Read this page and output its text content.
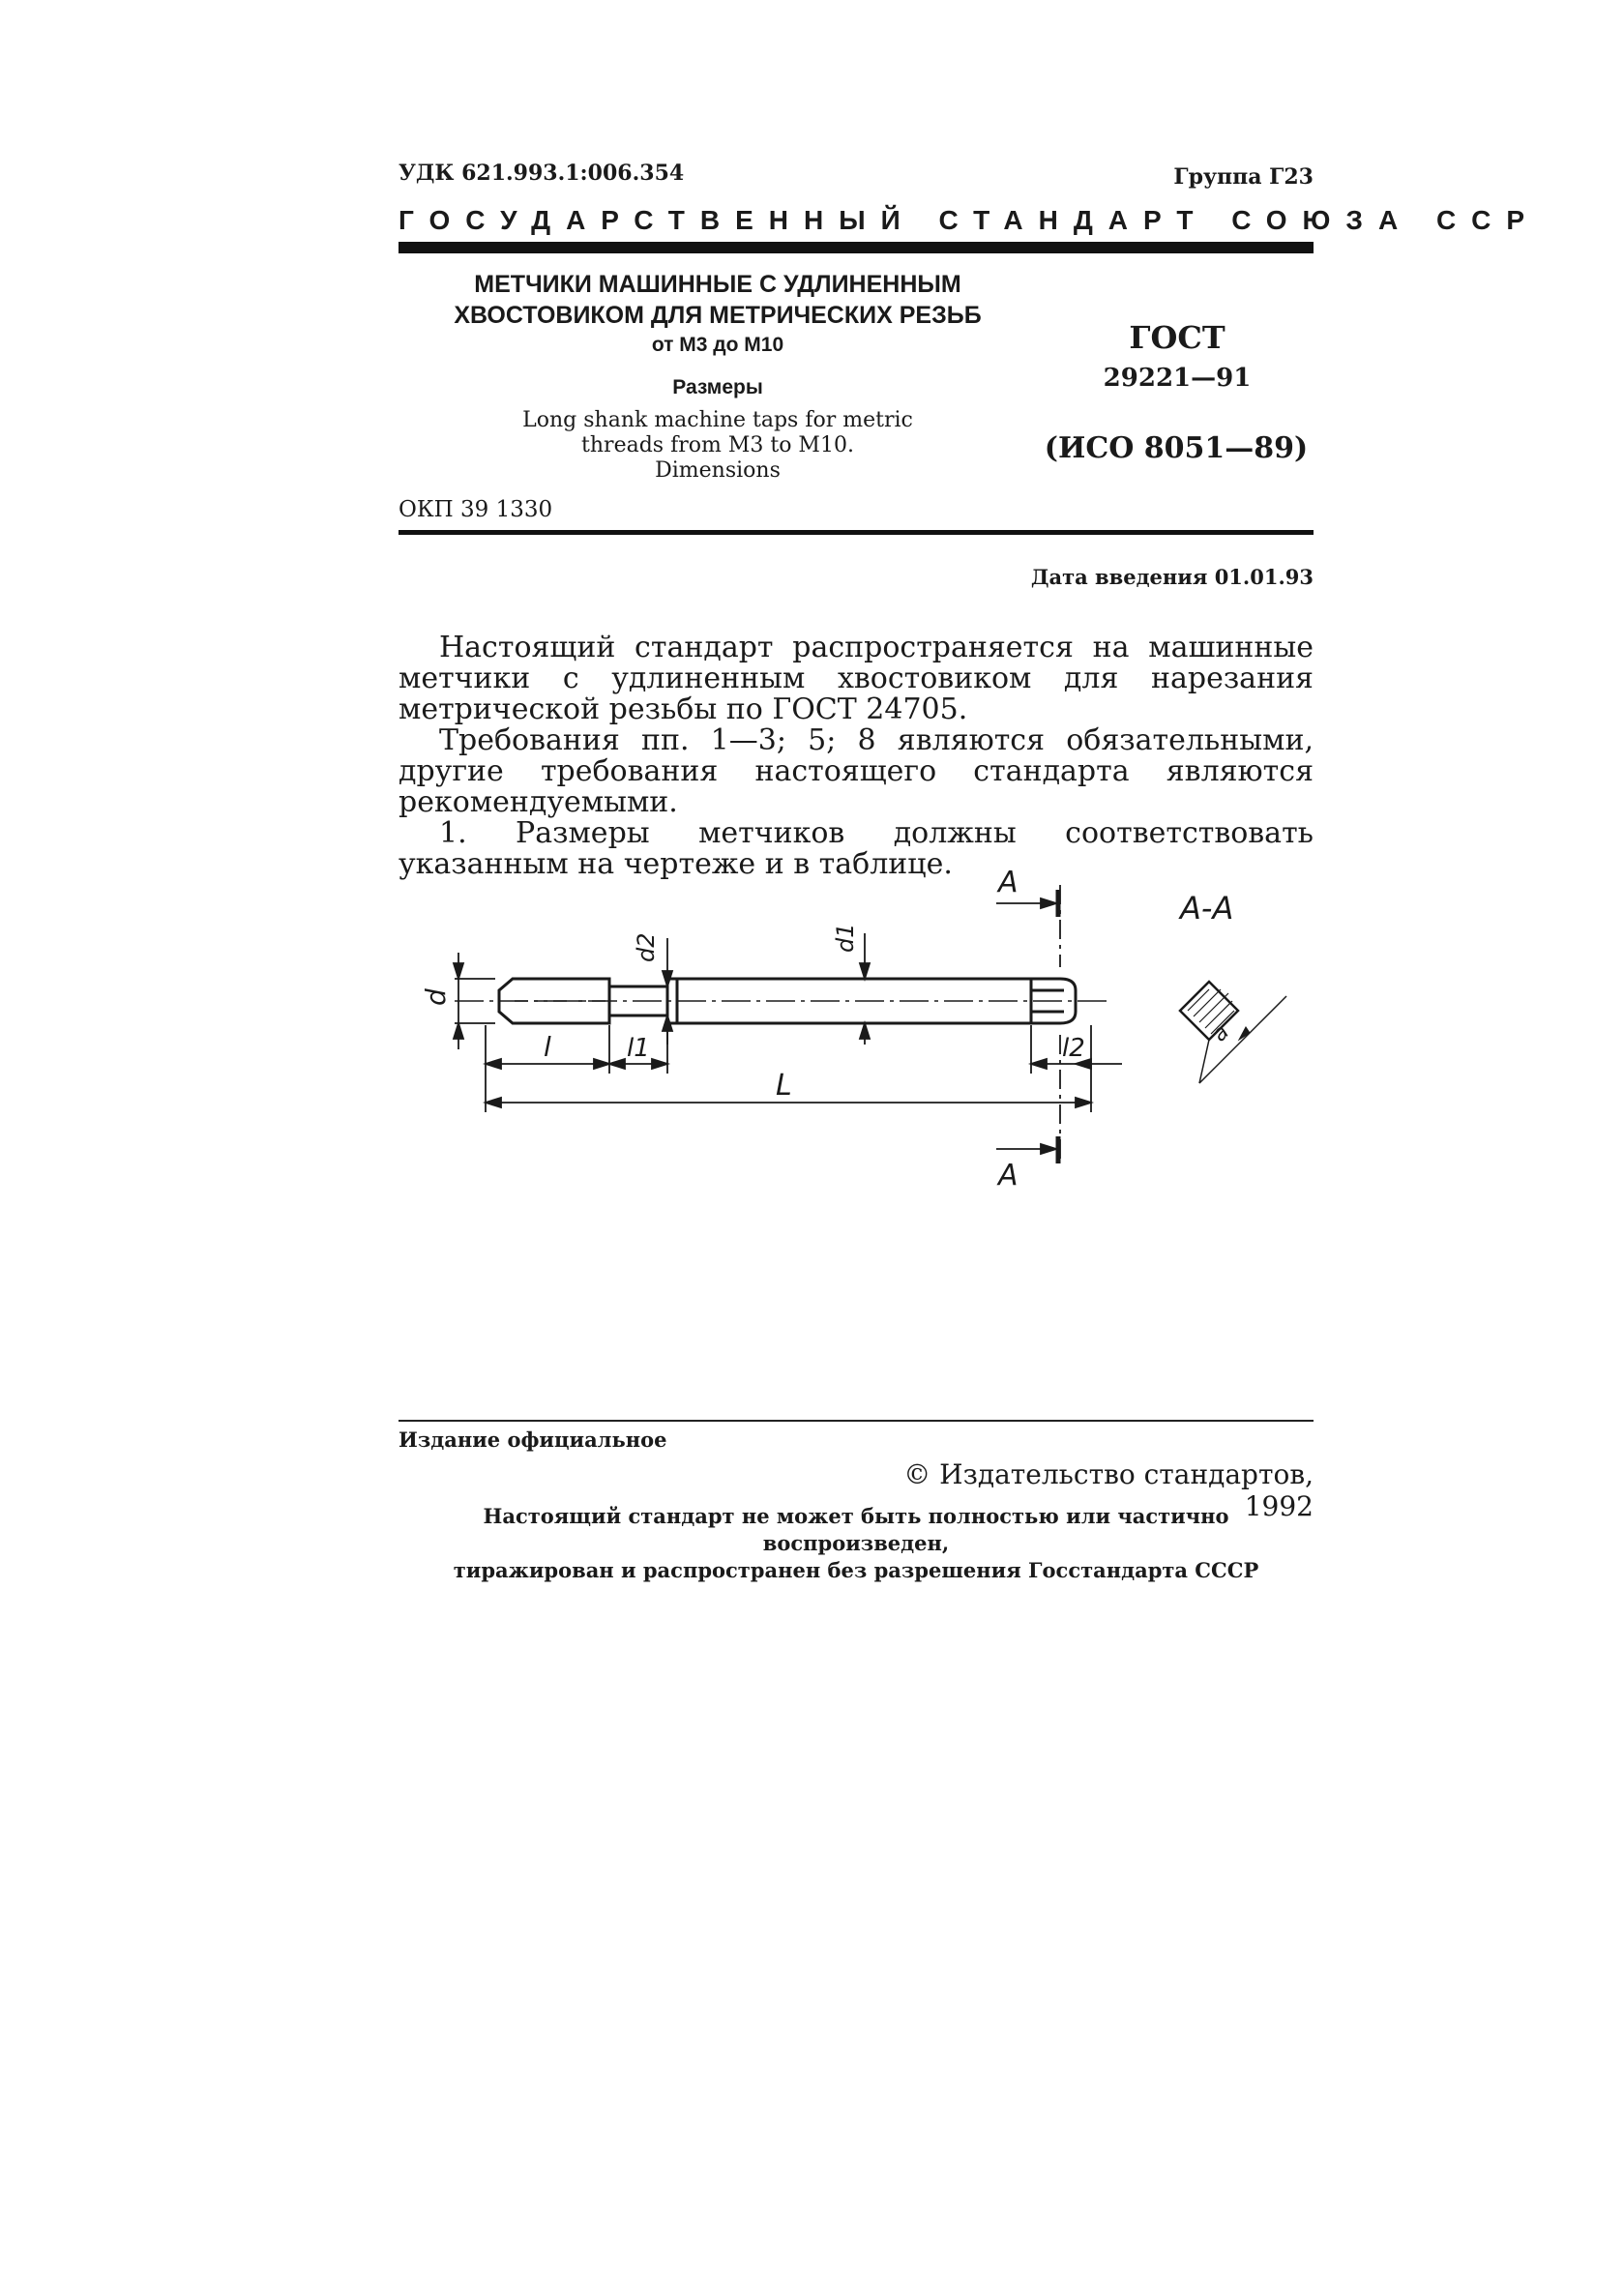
УДК 621.993.1:006.354	Группа Г23
ГОСУДАРСТВЕННЫЙ СТАНДАРТ СОЮЗА ССР
МЕТЧИКИ МАШИННЫЕ С УДЛИНЕННЫМ
ХВОСТОВИКОМ ДЛЯ МЕТРИЧЕСКИХ РЕЗЬБ
от М3 до М10
Размеры
Long shank machine taps for metric
threads from M3 to M10.
Dimensions
ГОСТ
29221—91
(ИСО 8051—89)
ОКП 39 1330
Дата введения 01.01.93

Настоящий стандарт распространяется на машинные метчики с удлиненным хвостовиком для нарезания метрической резьбы по ГОСТ 24705.

Требования пп. 1—3; 5; 8 являются обязательными, другие требования настоящего стандарта являются рекомендуемыми.

1. Размеры метчиков должны соответствовать указанным на чертеже и в таблице.

А-А
А
А
d
d1
d2
l	l1	l2
L
a
Издание официальное
© Издательство стандартов, 1992
Настоящий стандарт не может быть полностью или частично воспроизведен,
тиражирован и распространен без разрешения Госстандарта СССР
